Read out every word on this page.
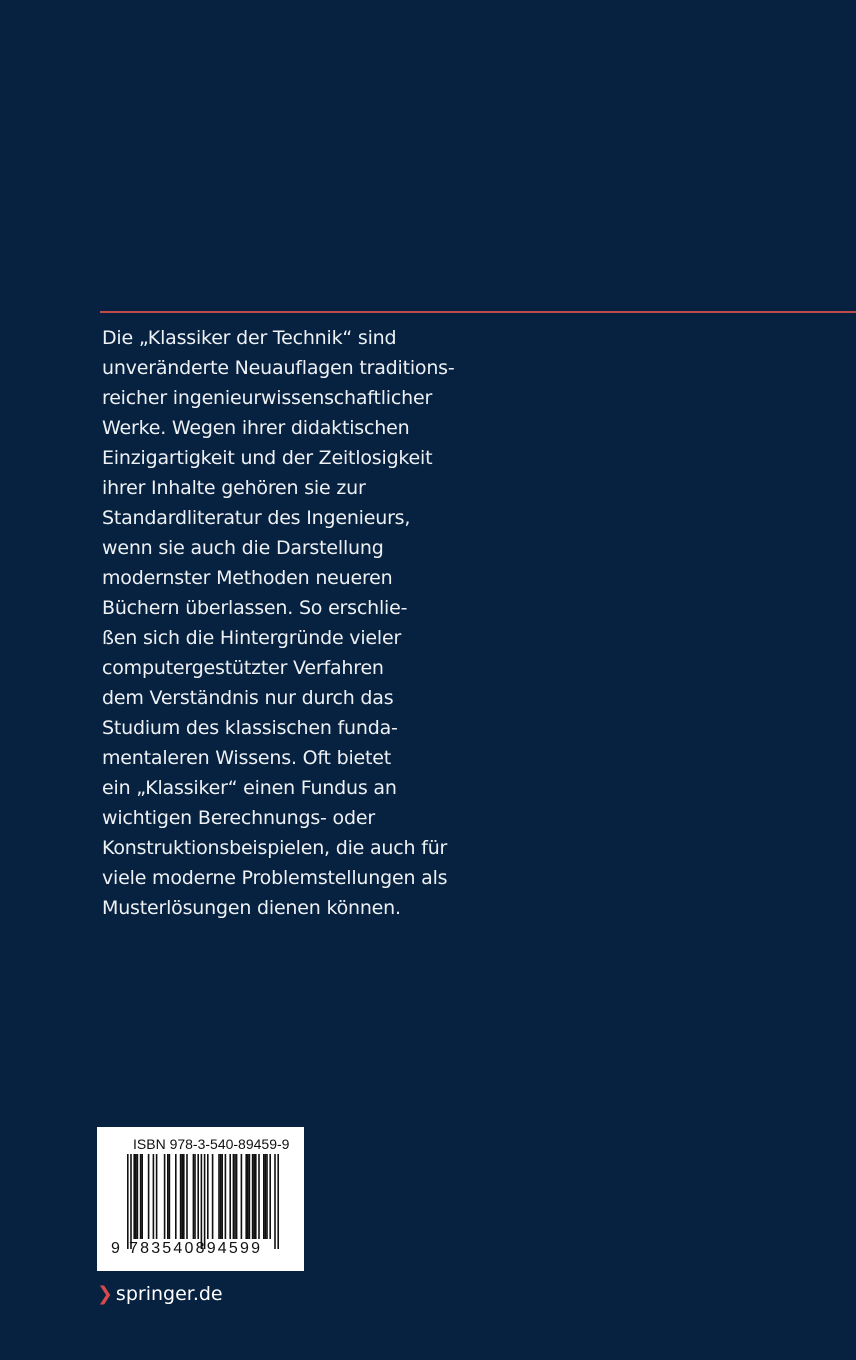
Die „Klassiker der Technik“ sind
unveränderte Neuauflagen traditions-
reicher ingenieurwissenschaftlicher
Werke. Wegen ihrer didaktischen
Einzigartigkeit und der Zeitlosigkeit
ihrer Inhalte gehören sie zur
Standardliteratur des Ingenieurs,
wenn sie auch die Darstellung
modernster Methoden neueren
Büchern überlassen. So erschlie-
ßen sich die Hintergründe vieler
computergestützter Verfahren
dem Verständnis nur durch das
Studium des klassischen funda-
mentaleren Wissens. Oft bietet
ein „Klassiker“ einen Fundus an
wichtigen Berechnungs- oder
Konstruktionsbeispielen, die auch für
viele moderne Problemstellungen als
Musterlösungen dienen können.

ISBN 978-3-540-89459-9
9 783540894599
❯ springer.de
